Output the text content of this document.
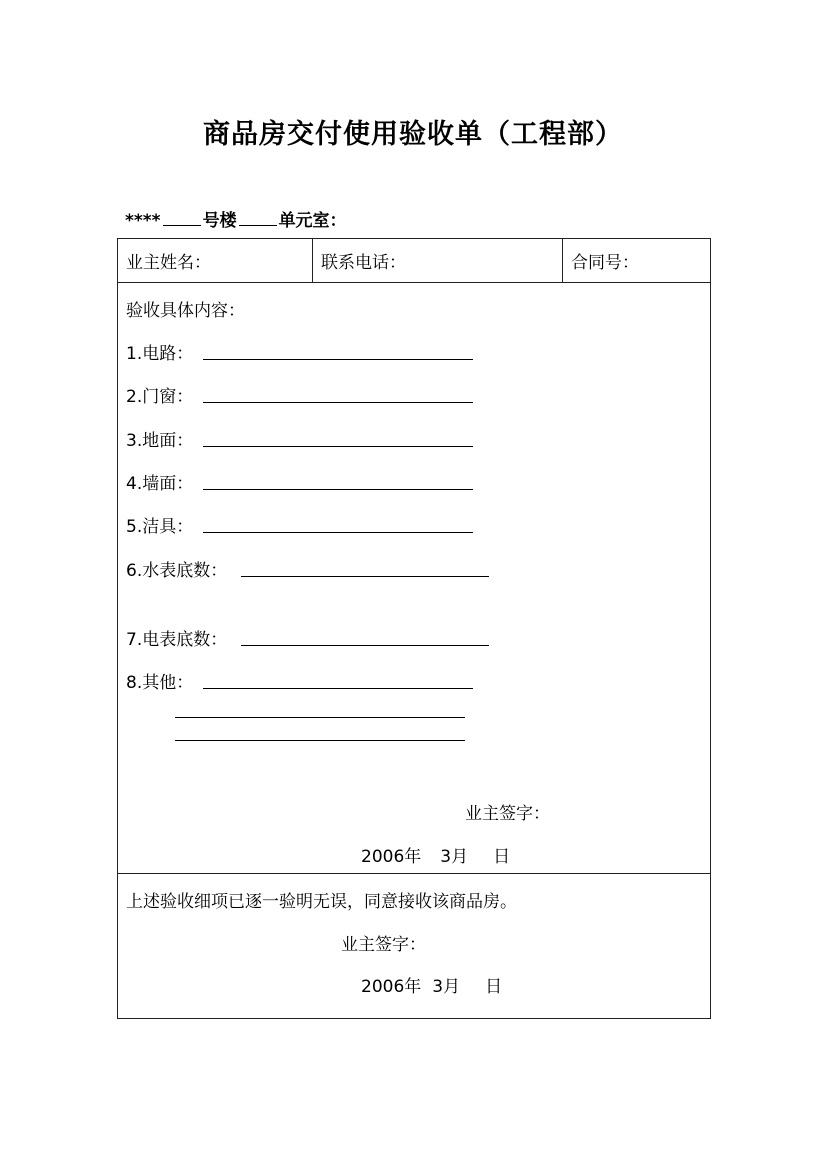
商品房交付使用验收单（工程部）
**** 号楼 单元室：
业主姓名：	联系电话：	合同号：

验收具体内容：
1.电路：
2.门窗：
3.地面：
4.墙面：
5.洁具：
6.水表底数：
7.电表底数：
8.其他：
业主签字：
2006年 3月 日

上述验收细项已逐一验明无误，同意接收该商品房。
业主签字：
2006年 3月 日
